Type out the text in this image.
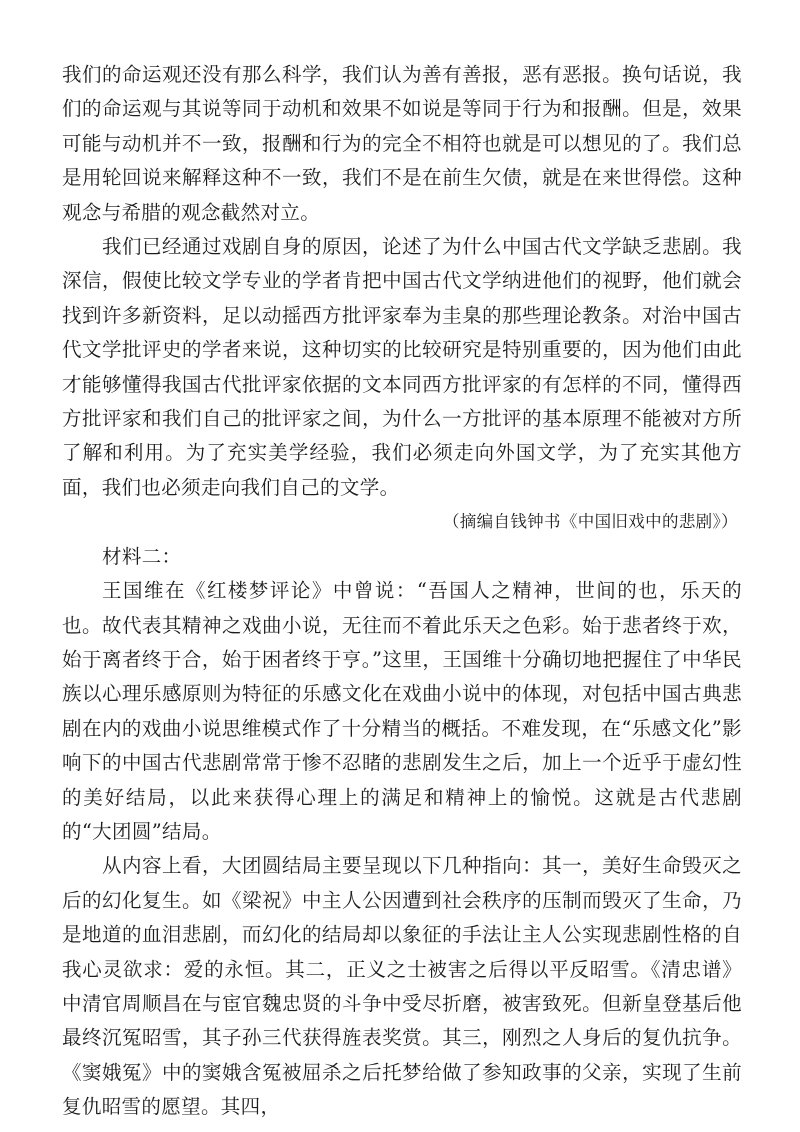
我们的命运观还没有那么科学，我们认为善有善报，恶有恶报。换句话说，我们的命运观与其说等同于动机和效果不如说是等同于行为和报酬。但是，效果可能与动机并不一致，报酬和行为的完全不相符也就是可以想见的了。我们总是用轮回说来解释这种不一致，我们不是在前生欠债，就是在来世得偿。这种观念与希腊的观念截然对立。

我们已经通过戏剧自身的原因，论述了为什么中国古代文学缺乏悲剧。我深信，假使比较文学专业的学者肯把中国古代文学纳进他们的视野，他们就会找到许多新资料，足以动摇西方批评家奉为圭臬的那些理论教条。对治中国古代文学批评史的学者来说，这种切实的比较研究是特别重要的，因为他们由此才能够懂得我国古代批评家依据的文本同西方批评家的有怎样的不同，懂得西方批评家和我们自己的批评家之间，为什么一方批评的基本原理不能被对方所了解和利用。为了充实美学经验，我们必须走向外国文学，为了充实其他方面，我们也必须走向我们自己的文学。

（摘编自钱钟书《中国旧戏中的悲剧》）

材料二：

王国维在《红楼梦评论》中曾说：“吾国人之精神，世间的也，乐天的也。故代表其精神之戏曲小说，无往而不着此乐天之色彩。始于悲者终于欢，始于离者终于合，始于困者终于亨。”这里，王国维十分确切地把握住了中华民族以心理乐感原则为特征的乐感文化在戏曲小说中的体现，对包括中国古典悲剧在内的戏曲小说思维模式作了十分精当的概括。不难发现，在“乐感文化”影响下的中国古代悲剧常常于惨不忍睹的悲剧发生之后，加上一个近乎于虚幻性的美好结局，以此来获得心理上的满足和精神上的愉悦。这就是古代悲剧的“大团圆”结局。

从内容上看，大团圆结局主要呈现以下几种指向：其一，美好生命毁灭之后的幻化复生。如《梁祝》中主人公因遭到社会秩序的压制而毁灭了生命，乃是地道的血泪悲剧，而幻化的结局却以象征的手法让主人公实现悲剧性格的自我心灵欲求：爱的永恒。其二，正义之士被害之后得以平反昭雪。《清忠谱》中清官周顺昌在与宦官魏忠贤的斗争中受尽折磨，被害致死。但新皇登基后他最终沉冤昭雪，其子孙三代获得旌表奖赏。其三，刚烈之人身后的复仇抗争。《窦娥冤》中的窦娥含冤被屈杀之后托梦给做了参知政事的父亲，实现了生前复仇昭雪的愿望。其四，
